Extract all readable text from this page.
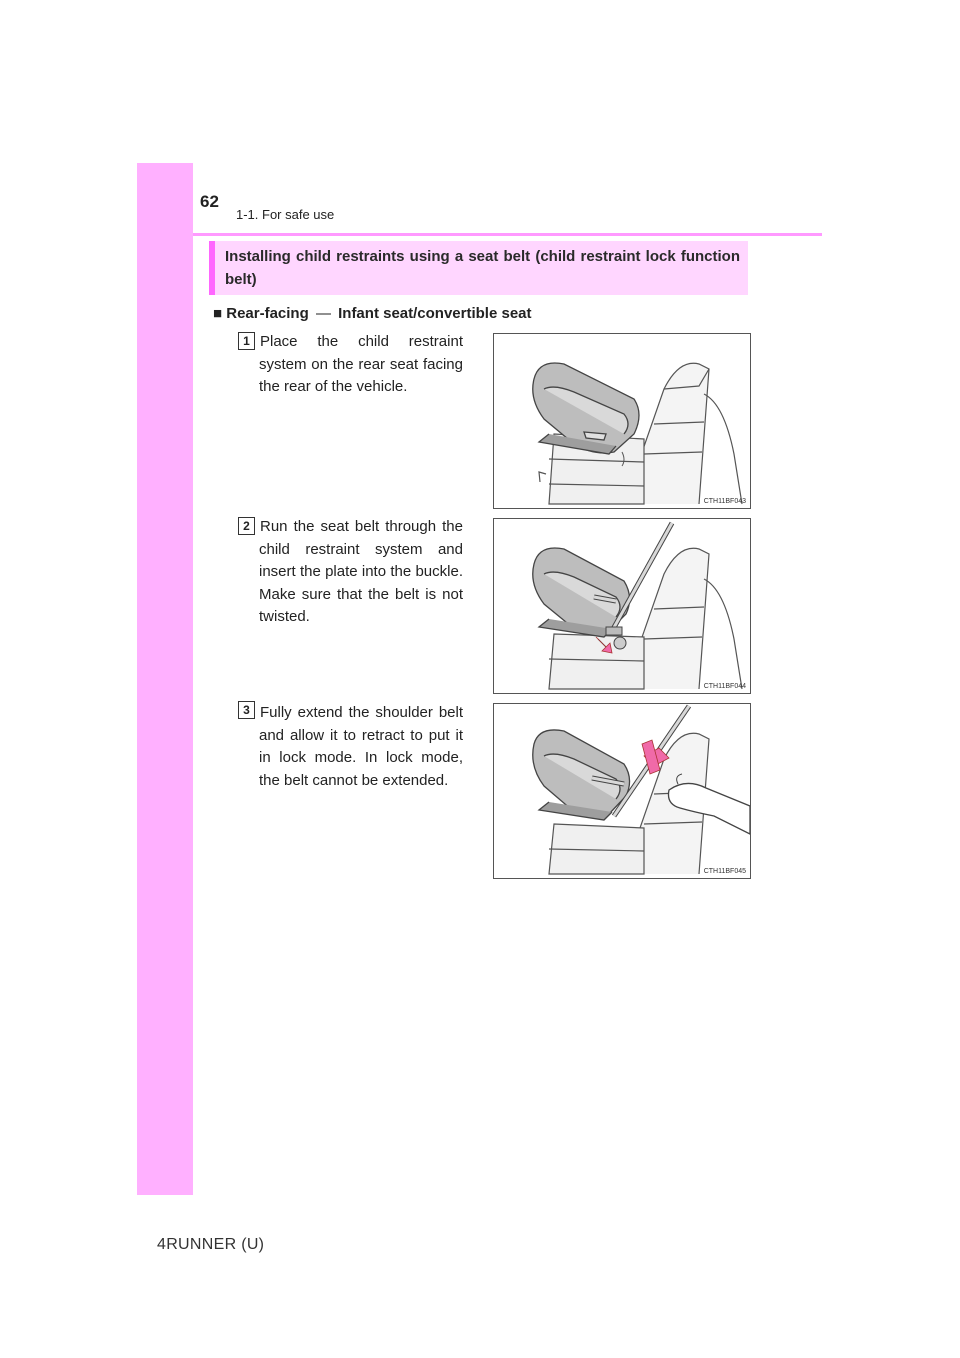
62
1-1. For safe use
Installing child restraints using a seat belt (child restraint lock function belt)
■ Rear-facing — Infant seat/convertible seat
1 Place the child restraint system on the rear seat facing the rear of the vehicle.
CTH11BF043
2 Run the seat belt through the child restraint system and insert the plate into the buckle. Make sure that the belt is not twisted.
CTH11BF044
3 Fully extend the shoulder belt and allow it to retract to put it in lock mode. In lock mode, the belt cannot be extended.
CTH11BF045
4RUNNER (U)
